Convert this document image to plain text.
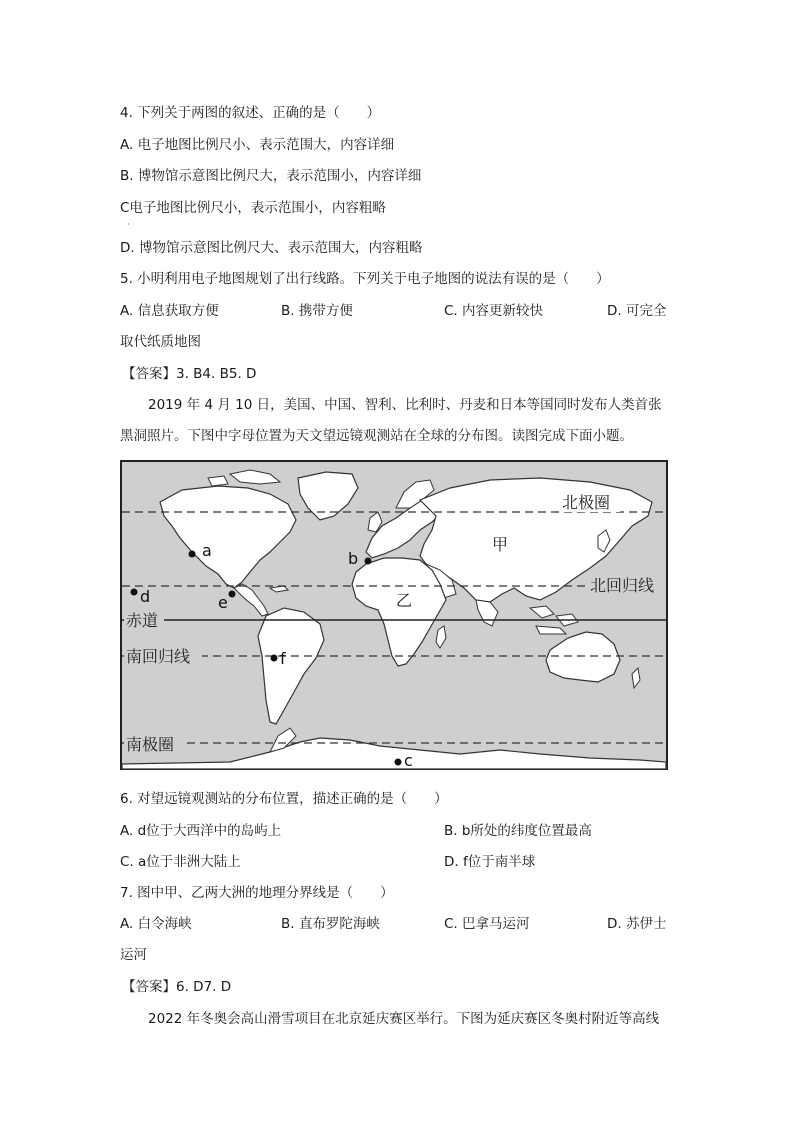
4. 下列关于两图的叙述、正确的是（　　）
A. 电子地图比例尺小、表示范围大，内容详细
B. 博物馆示意图比例尺大，表示范围小，内容详细
C电子地图比例尺小，表示范围小，内容粗略
·
D. 博物馆示意图比例尺大、表示范围大，内容粗略
5. 小明利用电子地图规划了出行线路。下列关于电子地图的说法有误的是（　　）
A. 信息获取方便	B. 携带方便	C. 内容更新较快	D. 可完全
取代纸质地图
【答案】3. B4. B5. D
2019 年 4 月 10 日，美国、中国、智利、比利时、丹麦和日本等国同时发布人类首张
黑洞照片。下图中字母位置为天文望远镜观测站在全球的分布图。读图完成下面小题。
北极圈
北回归线
赤道
南回归线
南极圈
甲
乙
a	b
c
d	e
f
6. 对望远镜观测站的分布位置，描述正确的是（　　）
A. d位于大西洋中的岛屿上	B. b所处的纬度位置最高
C. a位于非洲大陆上	D. f位于南半球
7. 图中甲、乙两大洲的地理分界线是（　　）
A. 白令海峡	B. 直布罗陀海峡	C. 巴拿马运河	D. 苏伊士
运河
【答案】6. D7. D
2022 年冬奥会高山滑雪项目在北京延庆赛区举行。下图为延庆赛区冬奥村附近等高线
